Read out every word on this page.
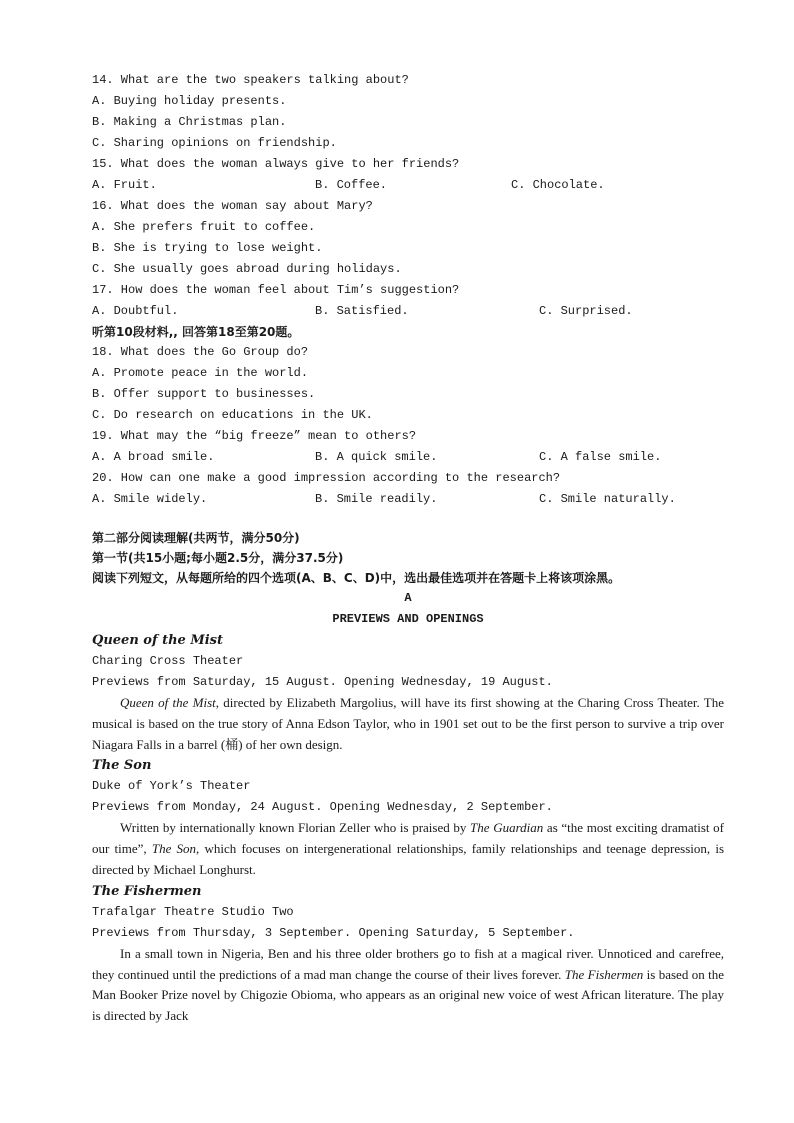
14. What are the two speakers talking about?
A. Buying holiday presents.
B. Making a Christmas plan.
C. Sharing opinions on friendship.
15. What does the woman always give to her friends?
A. Fruit.	B. Coffee.	C. Chocolate.
16. What does the woman say about Mary?
A. She prefers fruit to coffee.
B. She is trying to lose weight.
C. She usually goes abroad during holidays.
17. How does the woman feel about Tim’s suggestion?
A. Doubtful.	B. Satisfied.	C. Surprised.
听第10段材料,, 回答第18至第20题。
18. What does the Go Group do?
A. Promote peace in the world.
B. Offer support to businesses.
C. Do research on educations in the UK.
19. What may the “big freeze” mean to others?
A. A broad smile.	B. A quick smile.	C. A false smile.
20. How can one make a good impression according to the research?
A. Smile widely.	B. Smile readily.	C. Smile naturally.
第二部分阅读理解(共两节，满分50分)
第一节(共15小题;每小题2.5分，满分37.5分)
阅读下列短文，从每题所给的四个选项(A、B、C、D)中，选出最佳选项并在答题卡上将该项涂黑。
A
PREVIEWS AND OPENINGS
Queen of the Mist
Charing Cross Theater
Previews from Saturday, 15 August. Opening Wednesday, 19 August.
Queen of the Mist, directed by Elizabeth Margolius, will have its first showing at the Charing Cross Theater. The musical is based on the true story of Anna Edson Taylor, who in 1901 set out to be the first person to survive a trip over Niagara Falls in a barrel (桶) of her own design.
The Son
Duke of York’s Theater
Previews from Monday, 24 August. Opening Wednesday, 2 September.
Written by internationally known Florian Zeller who is praised by The Guardian as “the most exciting dramatist of our time”, The Son, which focuses on intergenerational relationships, family relationships and teenage depression, is directed by Michael Longhurst.
The Fishermen
Trafalgar Theatre Studio Two
Previews from Thursday, 3 September. Opening Saturday, 5 September.
In a small town in Nigeria, Ben and his three older brothers go to fish at a magical river. Unnoticed and carefree, they continued until the predictions of a mad man change the course of their lives forever. The Fishermen is based on the Man Booker Prize novel by Chigozie Obioma, who appears as an original new voice of west African literature. The play is directed by Jack
